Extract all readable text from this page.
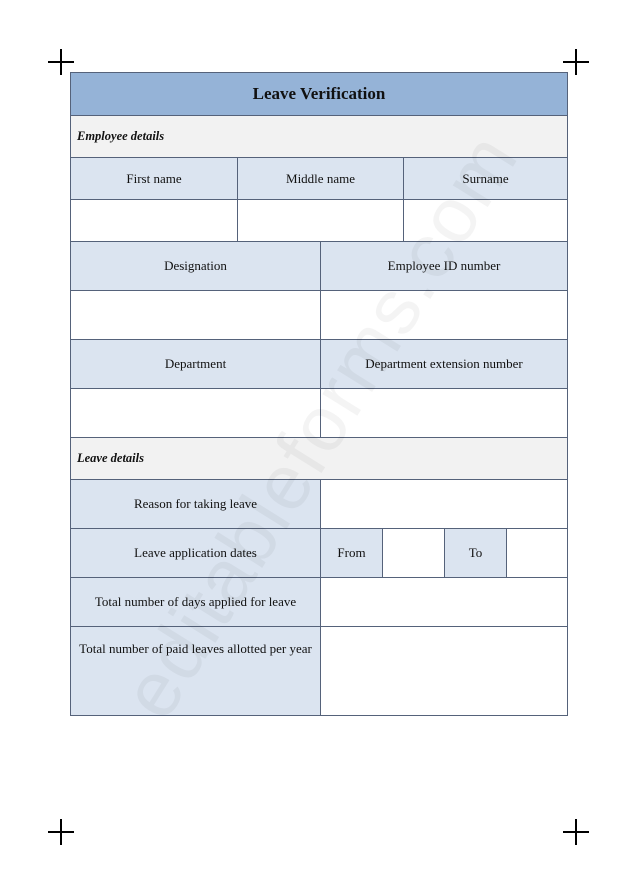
Leave Verification
Employee details
First name	Middle name	Surname
Designation	Employee ID number
Department	Department extension number
Leave details
Reason for taking leave
Leave application dates	From	To
Total number of days applied for leave
Total number of paid leaves allotted per year
